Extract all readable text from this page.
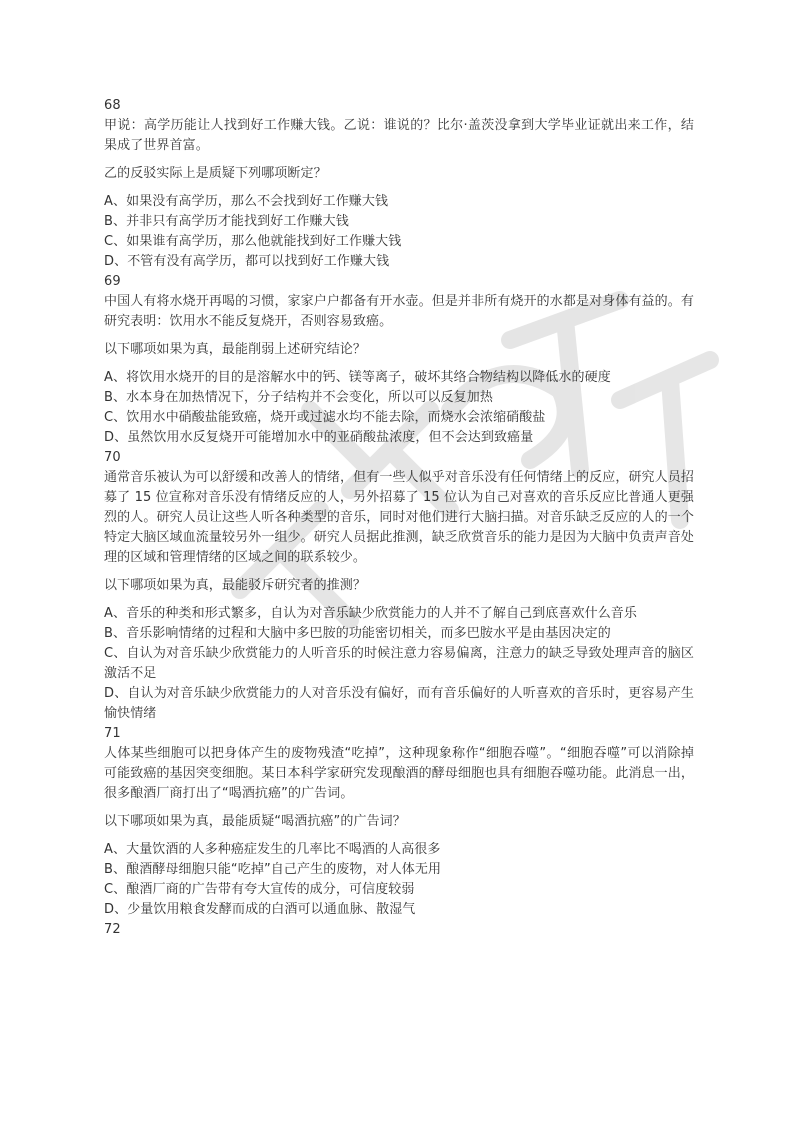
68

甲说：高学历能让人找到好工作赚大钱。乙说：谁说的？比尔·盖茨没拿到大学毕业证就出来工作，结果成了世界首富。

乙的反驳实际上是质疑下列哪项断定？

A、如果没有高学历，那么不会找到好工作赚大钱

B、并非只有高学历才能找到好工作赚大钱

C、如果谁有高学历，那么他就能找到好工作赚大钱

D、不管有没有高学历，都可以找到好工作赚大钱

69

中国人有将水烧开再喝的习惯，家家户户都备有开水壶。但是并非所有烧开的水都是对身体有益的。有研究表明：饮用水不能反复烧开，否则容易致癌。

以下哪项如果为真，最能削弱上述研究结论？

A、将饮用水烧开的目的是溶解水中的钙、镁等离子，破坏其络合物结构以降低水的硬度

B、水本身在加热情况下，分子结构并不会变化，所以可以反复加热

C、饮用水中硝酸盐能致癌，烧开或过滤水均不能去除，而烧水会浓缩硝酸盐

D、虽然饮用水反复烧开可能增加水中的亚硝酸盐浓度，但不会达到致癌量

70

通常音乐被认为可以舒缓和改善人的情绪，但有一些人似乎对音乐没有任何情绪上的反应，研究人员招募了 15 位宣称对音乐没有情绪反应的人，另外招募了 15 位认为自己对喜欢的音乐反应比普通人更强烈的人。研究人员让这些人听各种类型的音乐，同时对他们进行大脑扫描。对音乐缺乏反应的人的一个特定大脑区域血流量较另外一组少。研究人员据此推测，缺乏欣赏音乐的能力是因为大脑中负责声音处理的区域和管理情绪的区域之间的联系较少。

以下哪项如果为真，最能驳斥研究者的推测？

A、音乐的种类和形式繁多，自认为对音乐缺少欣赏能力的人并不了解自己到底喜欢什么音乐

B、音乐影响情绪的过程和大脑中多巴胺的功能密切相关，而多巴胺水平是由基因决定的

C、自认为对音乐缺少欣赏能力的人听音乐的时候注意力容易偏离，注意力的缺乏导致处理声音的脑区激活不足

D、自认为对音乐缺少欣赏能力的人对音乐没有偏好，而有音乐偏好的人听喜欢的音乐时，更容易产生愉快情绪

71

人体某些细胞可以把身体产生的废物残渣“吃掉”，这种现象称作“细胞吞噬”。“细胞吞噬”可以消除掉可能致癌的基因突变细胞。某日本科学家研究发现酿酒的酵母细胞也具有细胞吞噬功能。此消息一出，很多酿酒厂商打出了“喝酒抗癌”的广告词。

以下哪项如果为真，最能质疑“喝酒抗癌”的广告词？

A、大量饮酒的人多种癌症发生的几率比不喝酒的人高很多

B、酿酒酵母细胞只能“吃掉”自己产生的废物，对人体无用

C、酿酒厂商的广告带有夸大宣传的成分，可信度较弱

D、少量饮用粮食发酵而成的白酒可以通血脉、散湿气

72
